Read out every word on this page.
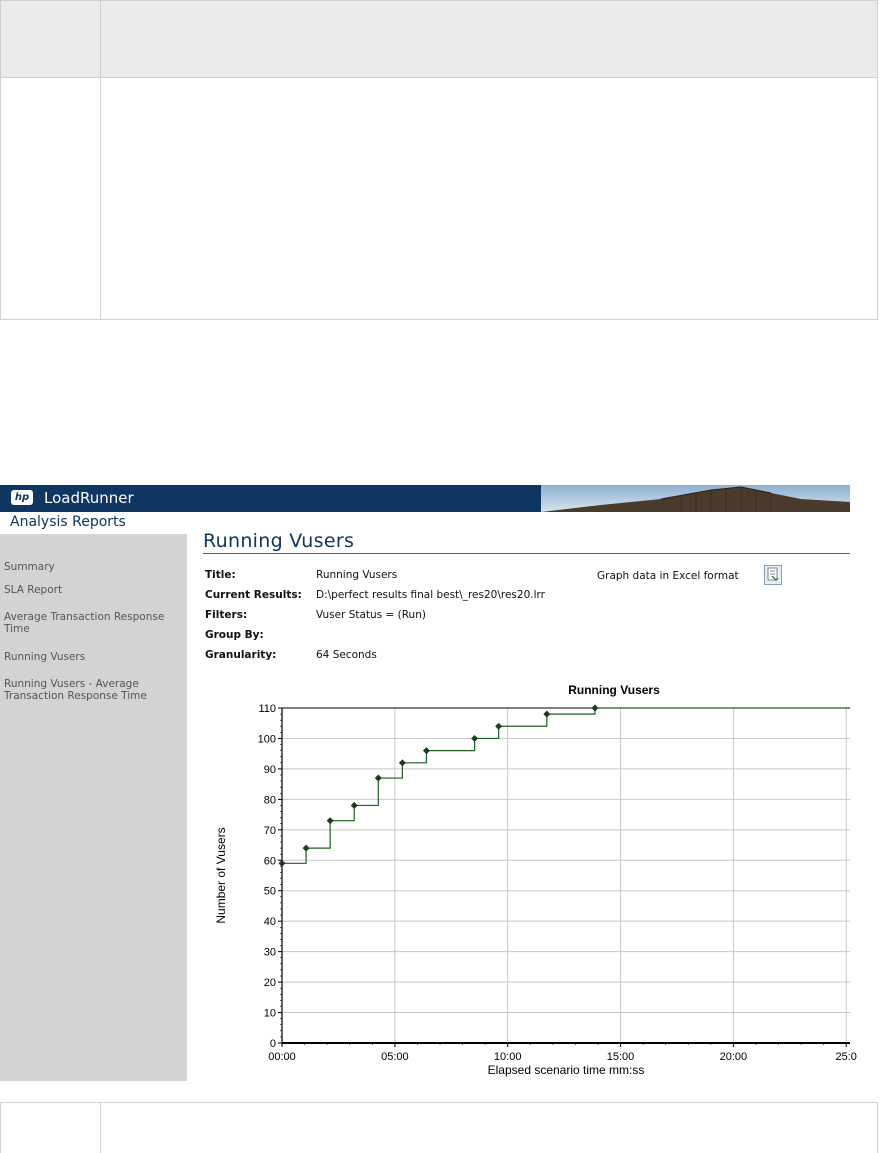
hp LoadRunner
Summary
SLA Report
Average Transaction Response
Time
Running Vusers
Running Vusers - Average
Transaction Response Time
Analysis Reports
Running Vusers
Title:	Running Vusers
Current Results: D:\perfect results final best\_res20\res20.lrr
Filters:	Vuser Status = (Run)
Group By:
Granularity:	64 Seconds
Graph data in Excel format
Running Vusers
0
10
20
30
40
50
60
70
80
90
100
110
00:00	05:00	10:00	15:00	20:00	25:0
Elapsed scenario time mm:ss
Number of Vusers
